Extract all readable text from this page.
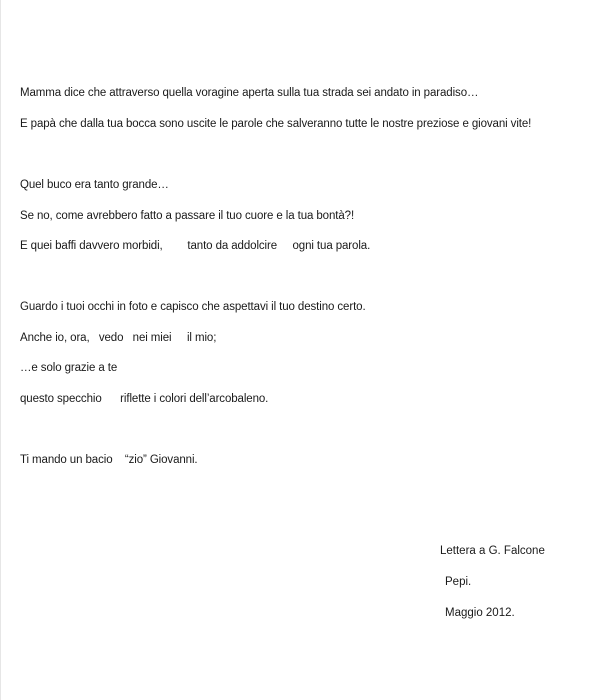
Mamma dice che attraverso quella voragine aperta sulla tua strada sei andato in paradiso…
E papà che dalla tua bocca sono uscite le parole che salveranno tutte le nostre preziose e giovani vite!
Quel buco era tanto grande…
Se no, come avrebbero fatto a passare il tuo cuore e la tua bontà?!
E quei baffi davvero morbidi,        tanto da addolcire     ogni tua parola.
Guardo i tuoi occhi in foto e capisco che aspettavi il tuo destino certo.
Anche io, ora,   vedo   nei miei     il mio;
…e solo grazie a te
questo specchio      riflette i colori dell’arcobaleno.
Ti mando un bacio    “zio” Giovanni.
Lettera a G. Falcone
Pepi.
Maggio 2012.
